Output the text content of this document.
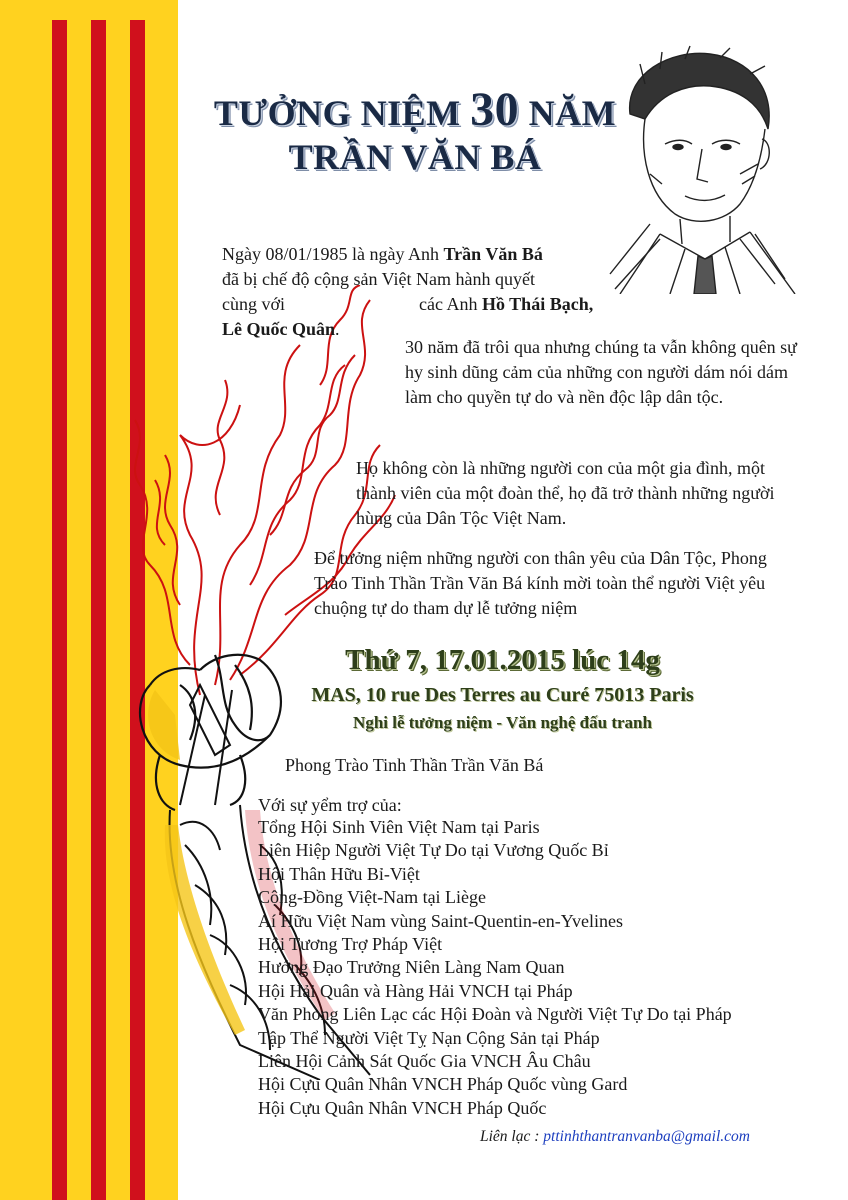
TƯỞNG NIỆM 30 NĂM
TRẦN VĂN BÁ
Ngày 08/01/1985 là ngày Anh Trần Văn Bá
đã bị chế độ cộng sản Việt Nam hành quyết
cùng với	các Anh Hồ Thái Bạch, Lê Quốc Quân.
30 năm đã trôi qua nhưng chúng ta vẫn không quên sự hy sinh dũng cảm của những con người dám nói dám làm cho quyền tự do và nền độc lập dân tộc.
Họ không còn là những người con của một gia đình, một thành viên của một đoàn thể, họ đã trở thành những người hùng của Dân Tộc Việt Nam.
Để tưởng niệm những người con thân yêu của Dân Tộc, Phong Trào Tinh Thần Trần Văn Bá kính mời toàn thể người Việt yêu chuộng tự do tham dự lễ tưởng niệm
Thứ 7, 17.01.2015 lúc 14g
MAS, 10 rue Des Terres au Curé 75013 Paris
Nghi lễ tưởng niệm - Văn nghệ đấu tranh
Phong Trào Tinh Thần Trần Văn Bá
Với sự yểm trợ của:
Tổng Hội Sinh Viên Việt Nam tại Paris
Liên Hiệp Người Việt Tự Do tại Vương Quốc Bỉ
Hội Thân Hữu Bỉ-Việt
Cộng-Đồng Việt-Nam tại Liège
Aí Hữu Việt Nam vùng Saint-Quentin-en-Yvelines
Hội Tương Trợ Pháp Việt
Hướng Đạo Trưởng Niên Làng Nam Quan
Hội Hải Quân và Hàng Hải VNCH tại Pháp
Văn Phòng Liên Lạc các Hội Đoàn và Người Việt Tự Do tại Pháp
Tập Thể Người Việt Tỵ Nạn Cộng Sản tại Pháp
Liên Hội Cảnh Sát Quốc Gia VNCH Âu Châu
Hội Cựu Quân Nhân VNCH Pháp Quốc vùng Gard
Hội Cựu Quân Nhân VNCH Pháp Quốc
Liên lạc : pttinhthantranvanba@gmail.com
